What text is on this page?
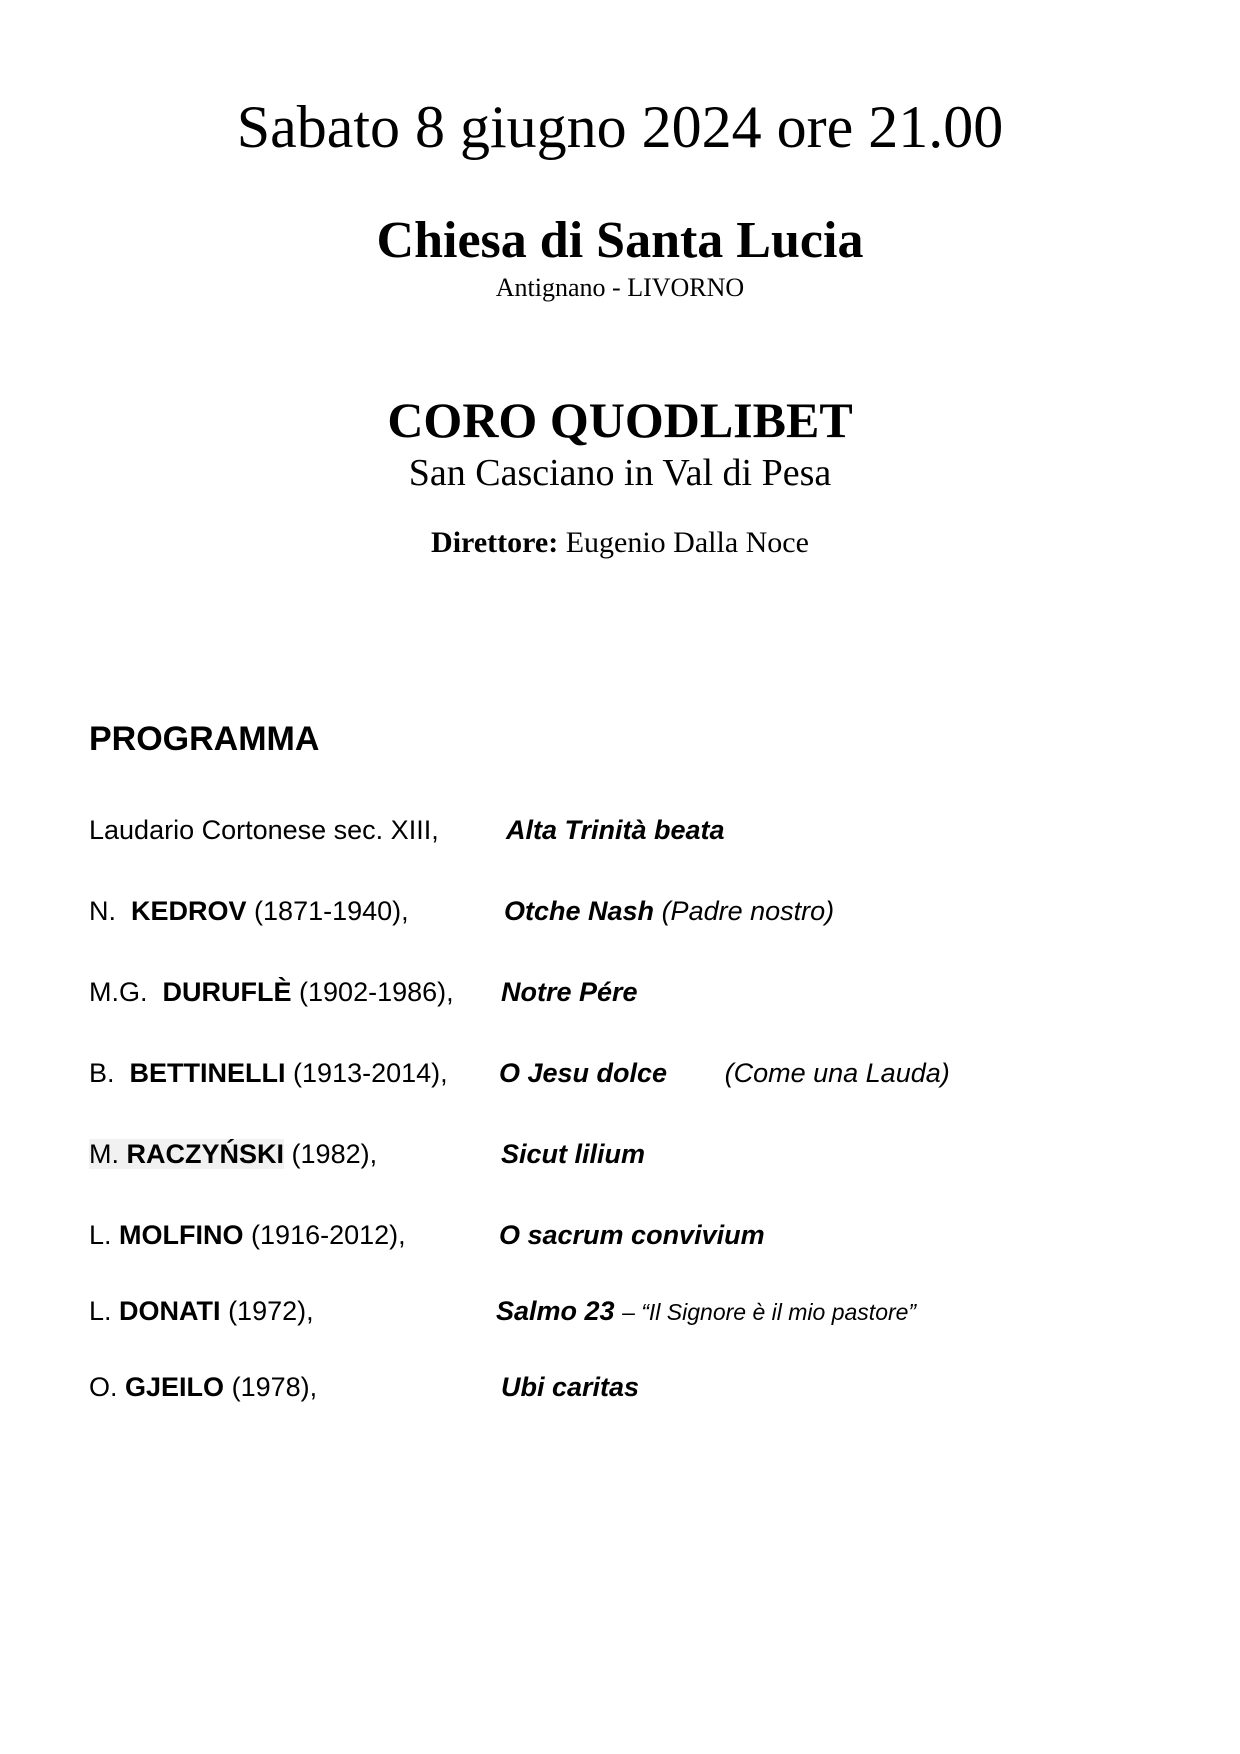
Sabato 8 giugno 2024 ore 21.00
Chiesa di Santa Lucia
Antignano - LIVORNO
CORO QUODLIBET
San Casciano in Val di Pesa
Direttore: Eugenio Dalla Noce
PROGRAMMA
Laudario Cortonese sec. XIII, Alta Trinità beata
N. KEDROV (1871-1940),	Otche Nash (Padre nostro)
M.G. DURUFLÈ (1902-1986), Notre Pére
B. BETTINELLI (1913-2014), O Jesu dolce (Come una Lauda)
M. RACZYŃSKI (1982),	Sicut lilium
L. MOLFINO (1916-2012),	O sacrum convivium
L. DONATI (1972),	Salmo 23 – “Il Signore è il mio pastore”
O. GJEILO (1978),	Ubi caritas
